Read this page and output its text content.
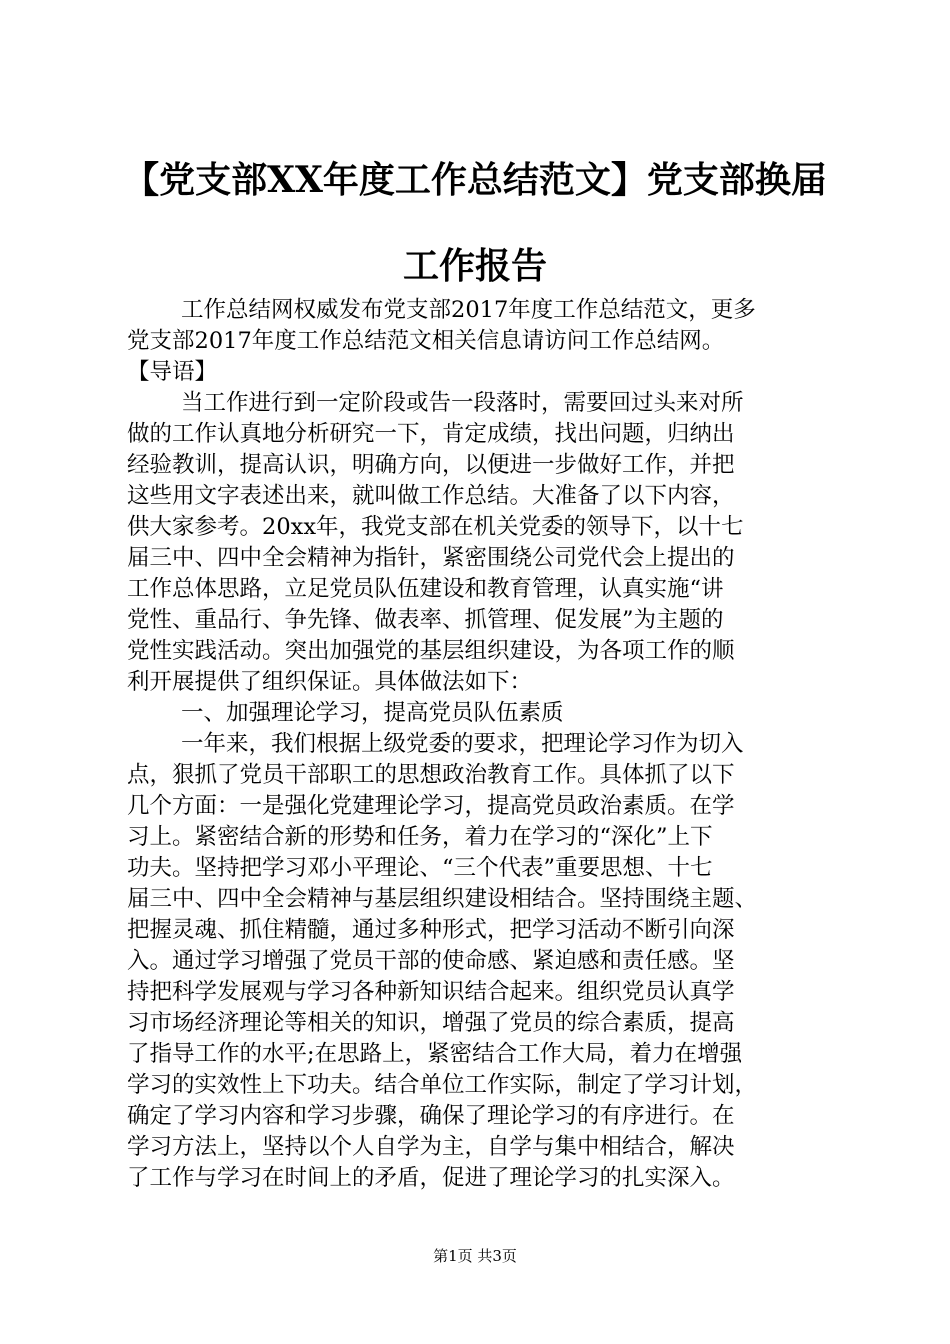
【党支部XX年度工作总结范文】党支部换届
工作报告
工作总结网权威发布党支部2017年度工作总结范文，更多
党支部2017年度工作总结范文相关信息请访问工作总结网。
【导语】
当工作进行到一定阶段或告一段落时，需要回过头来对所
做的工作认真地分析研究一下，肯定成绩，找出问题，归纳出
经验教训，提高认识，明确方向，以便进一步做好工作，并把
这些用文字表述出来，就叫做工作总结。大准备了以下内容，
供大家参考。20xx年，我党支部在机关党委的领导下，以十七
届三中、四中全会精神为指针，紧密围绕公司党代会上提出的
工作总体思路，立足党员队伍建设和教育管理，认真实施“讲
党性、重品行、争先锋、做表率、抓管理、促发展”为主题的
党性实践活动。突出加强党的基层组织建设，为各项工作的顺
利开展提供了组织保证。具体做法如下：
一、加强理论学习，提高党员队伍素质
一年来，我们根据上级党委的要求，把理论学习作为切入
点，狠抓了党员干部职工的思想政治教育工作。具体抓了以下
几个方面：一是强化党建理论学习，提高党员政治素质。在学
习上。紧密结合新的形势和任务，着力在学习的“深化”上下
功夫。坚持把学习邓小平理论、“三个代表”重要思想、十七
届三中、四中全会精神与基层组织建设相结合。坚持围绕主题、
把握灵魂、抓住精髓，通过多种形式，把学习活动不断引向深
入。通过学习增强了党员干部的使命感、紧迫感和责任感。坚
持把科学发展观与学习各种新知识结合起来。组织党员认真学
习市场经济理论等相关的知识，增强了党员的综合素质，提高
了指导工作的水平;在思路上，紧密结合工作大局，着力在增强
学习的实效性上下功夫。结合单位工作实际，制定了学习计划，
确定了学习内容和学习步骤，确保了理论学习的有序进行。在
学习方法上，坚持以个人自学为主，自学与集中相结合，解决
了工作与学习在时间上的矛盾，促进了理论学习的扎实深入。
第1页 共3页
